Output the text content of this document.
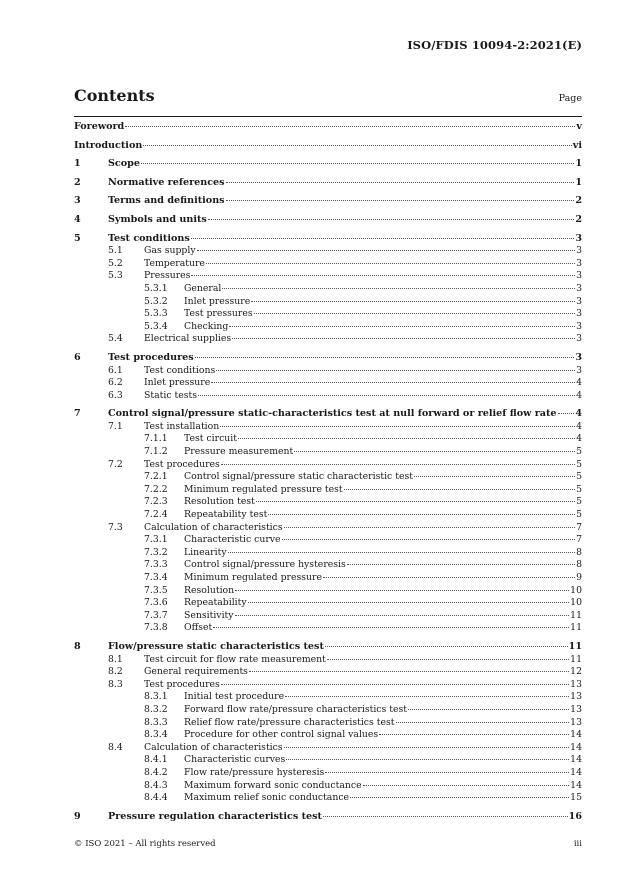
ISO/FDIS 10094-2:2021(E)
Contents	Page
Foreword	v
Introduction	vi
1	Scope	1
2	Normative references	1
3	Terms and definitions	2
4	Symbols and units	2
5	Test conditions	3
5.1	Gas supply	3
5.2	Temperature	3
5.3	Pressures	3
5.3.1	General	3
5.3.2	Inlet pressure	3
5.3.3	Test pressures	3
5.3.4	Checking	3
5.4	Electrical supplies	3
6	Test procedures	3
6.1	Test conditions	3
6.2	Inlet pressure	4
6.3	Static tests	4
7	Control signal/pressure static-characteristics test at null forward or relief flow rate 4
7.1	Test installation	4
7.1.1	Test circuit	4
7.1.2	Pressure measurement	5
7.2	Test procedures	5
7.2.1	Control signal/pressure static characteristic test	5
7.2.2	Minimum regulated pressure test	5
7.2.3	Resolution test	5
7.2.4	Repeatability test	5
7.3	Calculation of characteristics	7
7.3.1	Characteristic curve	7
7.3.2	Linearity	8
7.3.3	Control signal/pressure hysteresis	8
7.3.4	Minimum regulated pressure	9
7.3.5	Resolution	10
7.3.6	Repeatability	10
7.3.7	Sensitivity	11
7.3.8	Offset	11
8	Flow/pressure static characteristics test	11
8.1	Test circuit for flow rate measurement	11
8.2	General requirements	12
8.3	Test procedures	13
8.3.1	Initial test procedure	13
8.3.2	Forward flow rate/pressure characteristics test	13
8.3.3	Relief flow rate/pressure characteristics test	13
8.3.4	Procedure for other control signal values	14
8.4	Calculation of characteristics	14
8.4.1	Characteristic curves	14
8.4.2	Flow rate/pressure hysteresis	14
8.4.3	Maximum forward sonic conductance	14
8.4.4	Maximum relief sonic conductance	15
9	Pressure regulation characteristics test	16
© ISO 2021 – All rights reserved	iii
